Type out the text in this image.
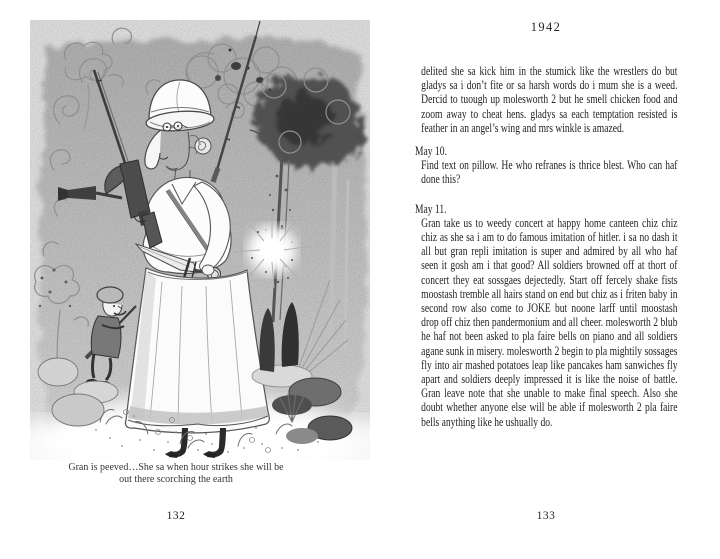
Gran is peeved…She sa when hour strikes she will be
out there scorching the earth
132
1942

delited she sa kick him in the stumick like the wrestlers do but gladys sa i don’t fite or sa harsh words do i mum she is a weed. Dercid to tuough up molesworth 2 but he smell chicken food and zoom away to cheat hens. gladys sa each temptation resisted is feather in an angel’s wing and mrs winkle is amazed.

May 10.

Find text on pillow. He who refranes is thrice blest. Who can haf done this?

May 11.

Gran take us to weedy concert at happy home canteen chiz chiz chiz as she sa i am to do famous imitation of hitler. i sa no dash it all but gran repli imitation is super and admired by all who haf seen it gosh am i that good? All soldiers browned off at thort of concert they eat sossgaes dejectedly. Start off fercely shake fists moostash tremble all hairs stand on end but chiz as i friten baby in second row also come to JOKE but noone larff until moostash drop off chiz then pandermonium and all cheer. molesworth 2 blub he haf not been asked to pla faire bells on piano and all soldiers agane sunk in misery. molesworth 2 begin to pla mightily sossages fly into air mashed potatoes leap like pancakes ham sanwiches fly apart and soldiers deeply impressed it is like the noise of battle. Gran leave note that she unable to make final speech. Also she doubt whether anyone else will be able if molesworth 2 pla faire bells anything like he ushually do.

133
